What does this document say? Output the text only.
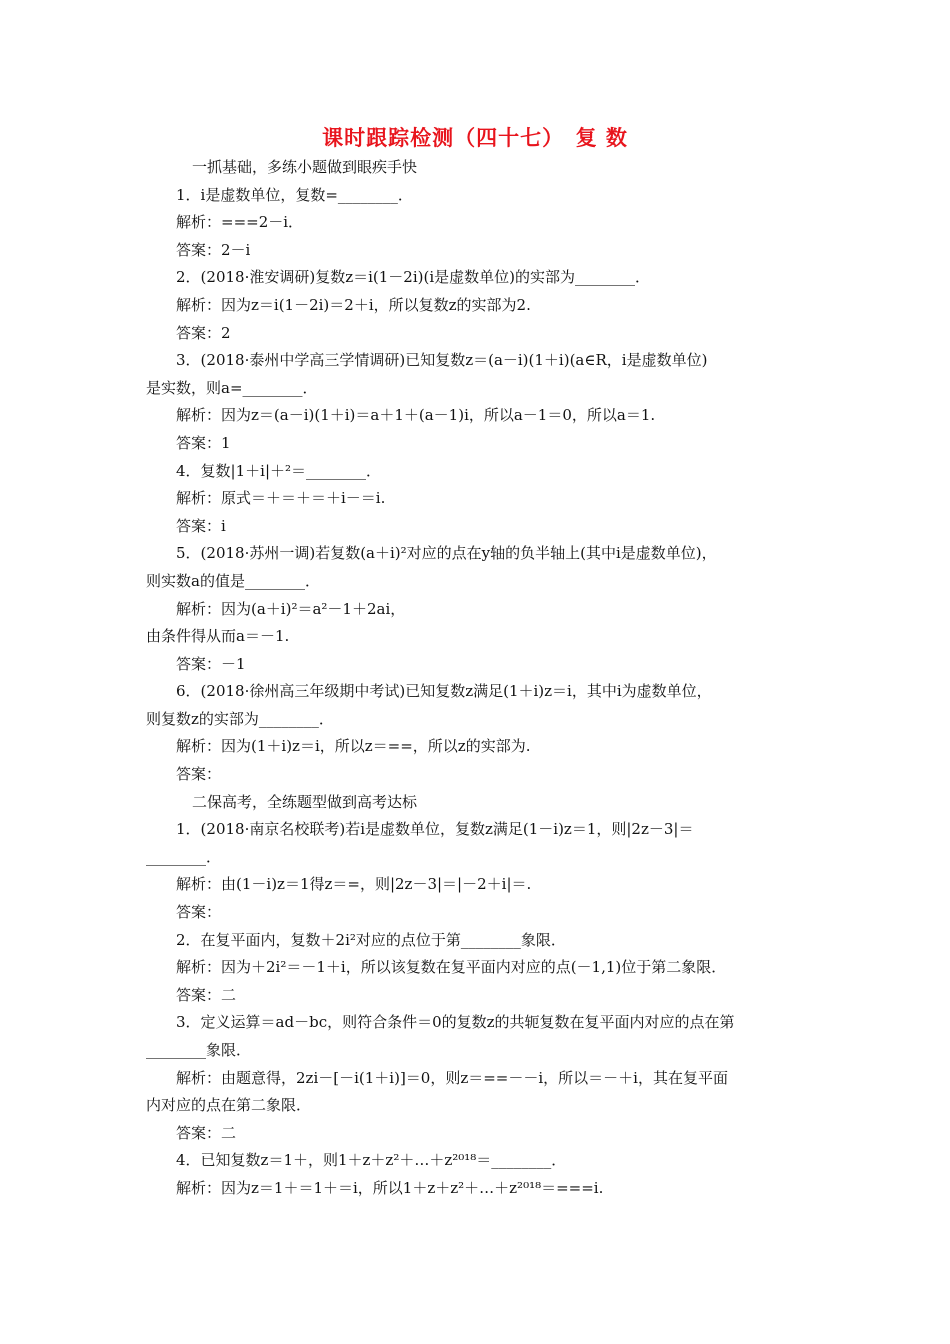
课时跟踪检测（四十七）　复 数

一抓基础，多练小题做到眼疾手快

1．i是虚数单位，复数=________．

解析：===2－i．

答案：2－i

2．(2018·淮安调研)复数z＝i(1－2i)(i是虚数单位)的实部为________．

解析：因为z＝i(1－2i)＝2＋i，所以复数z的实部为2.

答案：2

3．(2018·泰州中学高三学情调研)已知复数z＝(a－i)(1＋i)(a∈R，i是虚数单位)

是实数，则a=________．

解析：因为z＝(a－i)(1＋i)＝a＋1＋(a－1)i，所以a－1＝0，所以a＝1.

答案：1

4．复数|1＋i|＋²＝________．

解析：原式＝＋＝＋＝＋i－＝i.

答案：i

5．(2018·苏州一调)若复数(a＋i)²对应的点在y轴的负半轴上(其中i是虚数单位)，

则实数a的值是________．

解析：因为(a＋i)²＝a²－1＋2ai，

由条件得从而a＝－1.

答案：－1

6．(2018·徐州高三年级期中考试)已知复数z满足(1＋i)z＝i，其中i为虚数单位，

则复数z的实部为________．

解析：因为(1＋i)z＝i，所以z＝==，所以z的实部为.

答案：

二保高考，全练题型做到高考达标

1．(2018·南京名校联考)若i是虚数单位，复数z满足(1－i)z＝1，则|2z－3|＝

________．

解析：由(1－i)z＝1得z＝=，则|2z－3|＝|－2＋i|＝.

答案：

2．在复平面内，复数＋2i²对应的点位于第________象限．

解析：因为＋2i²＝－1＋i，所以该复数在复平面内对应的点(－1,1)位于第二象限．

答案：二

3．定义运算＝ad－bc，则符合条件＝0的复数z的共轭复数在复平面内对应的点在第

________象限．

解析：由题意得，2zi－[－i(1＋i)]＝0，则z＝==－－i，所以＝－＋i，其在复平面

内对应的点在第二象限．

答案：二

4．已知复数z＝1＋，则1＋z＋z²＋…＋z²⁰¹⁸＝________．

解析：因为z＝1＋＝1＋＝i，所以1＋z＋z²＋…＋z²⁰¹⁸＝===i.
